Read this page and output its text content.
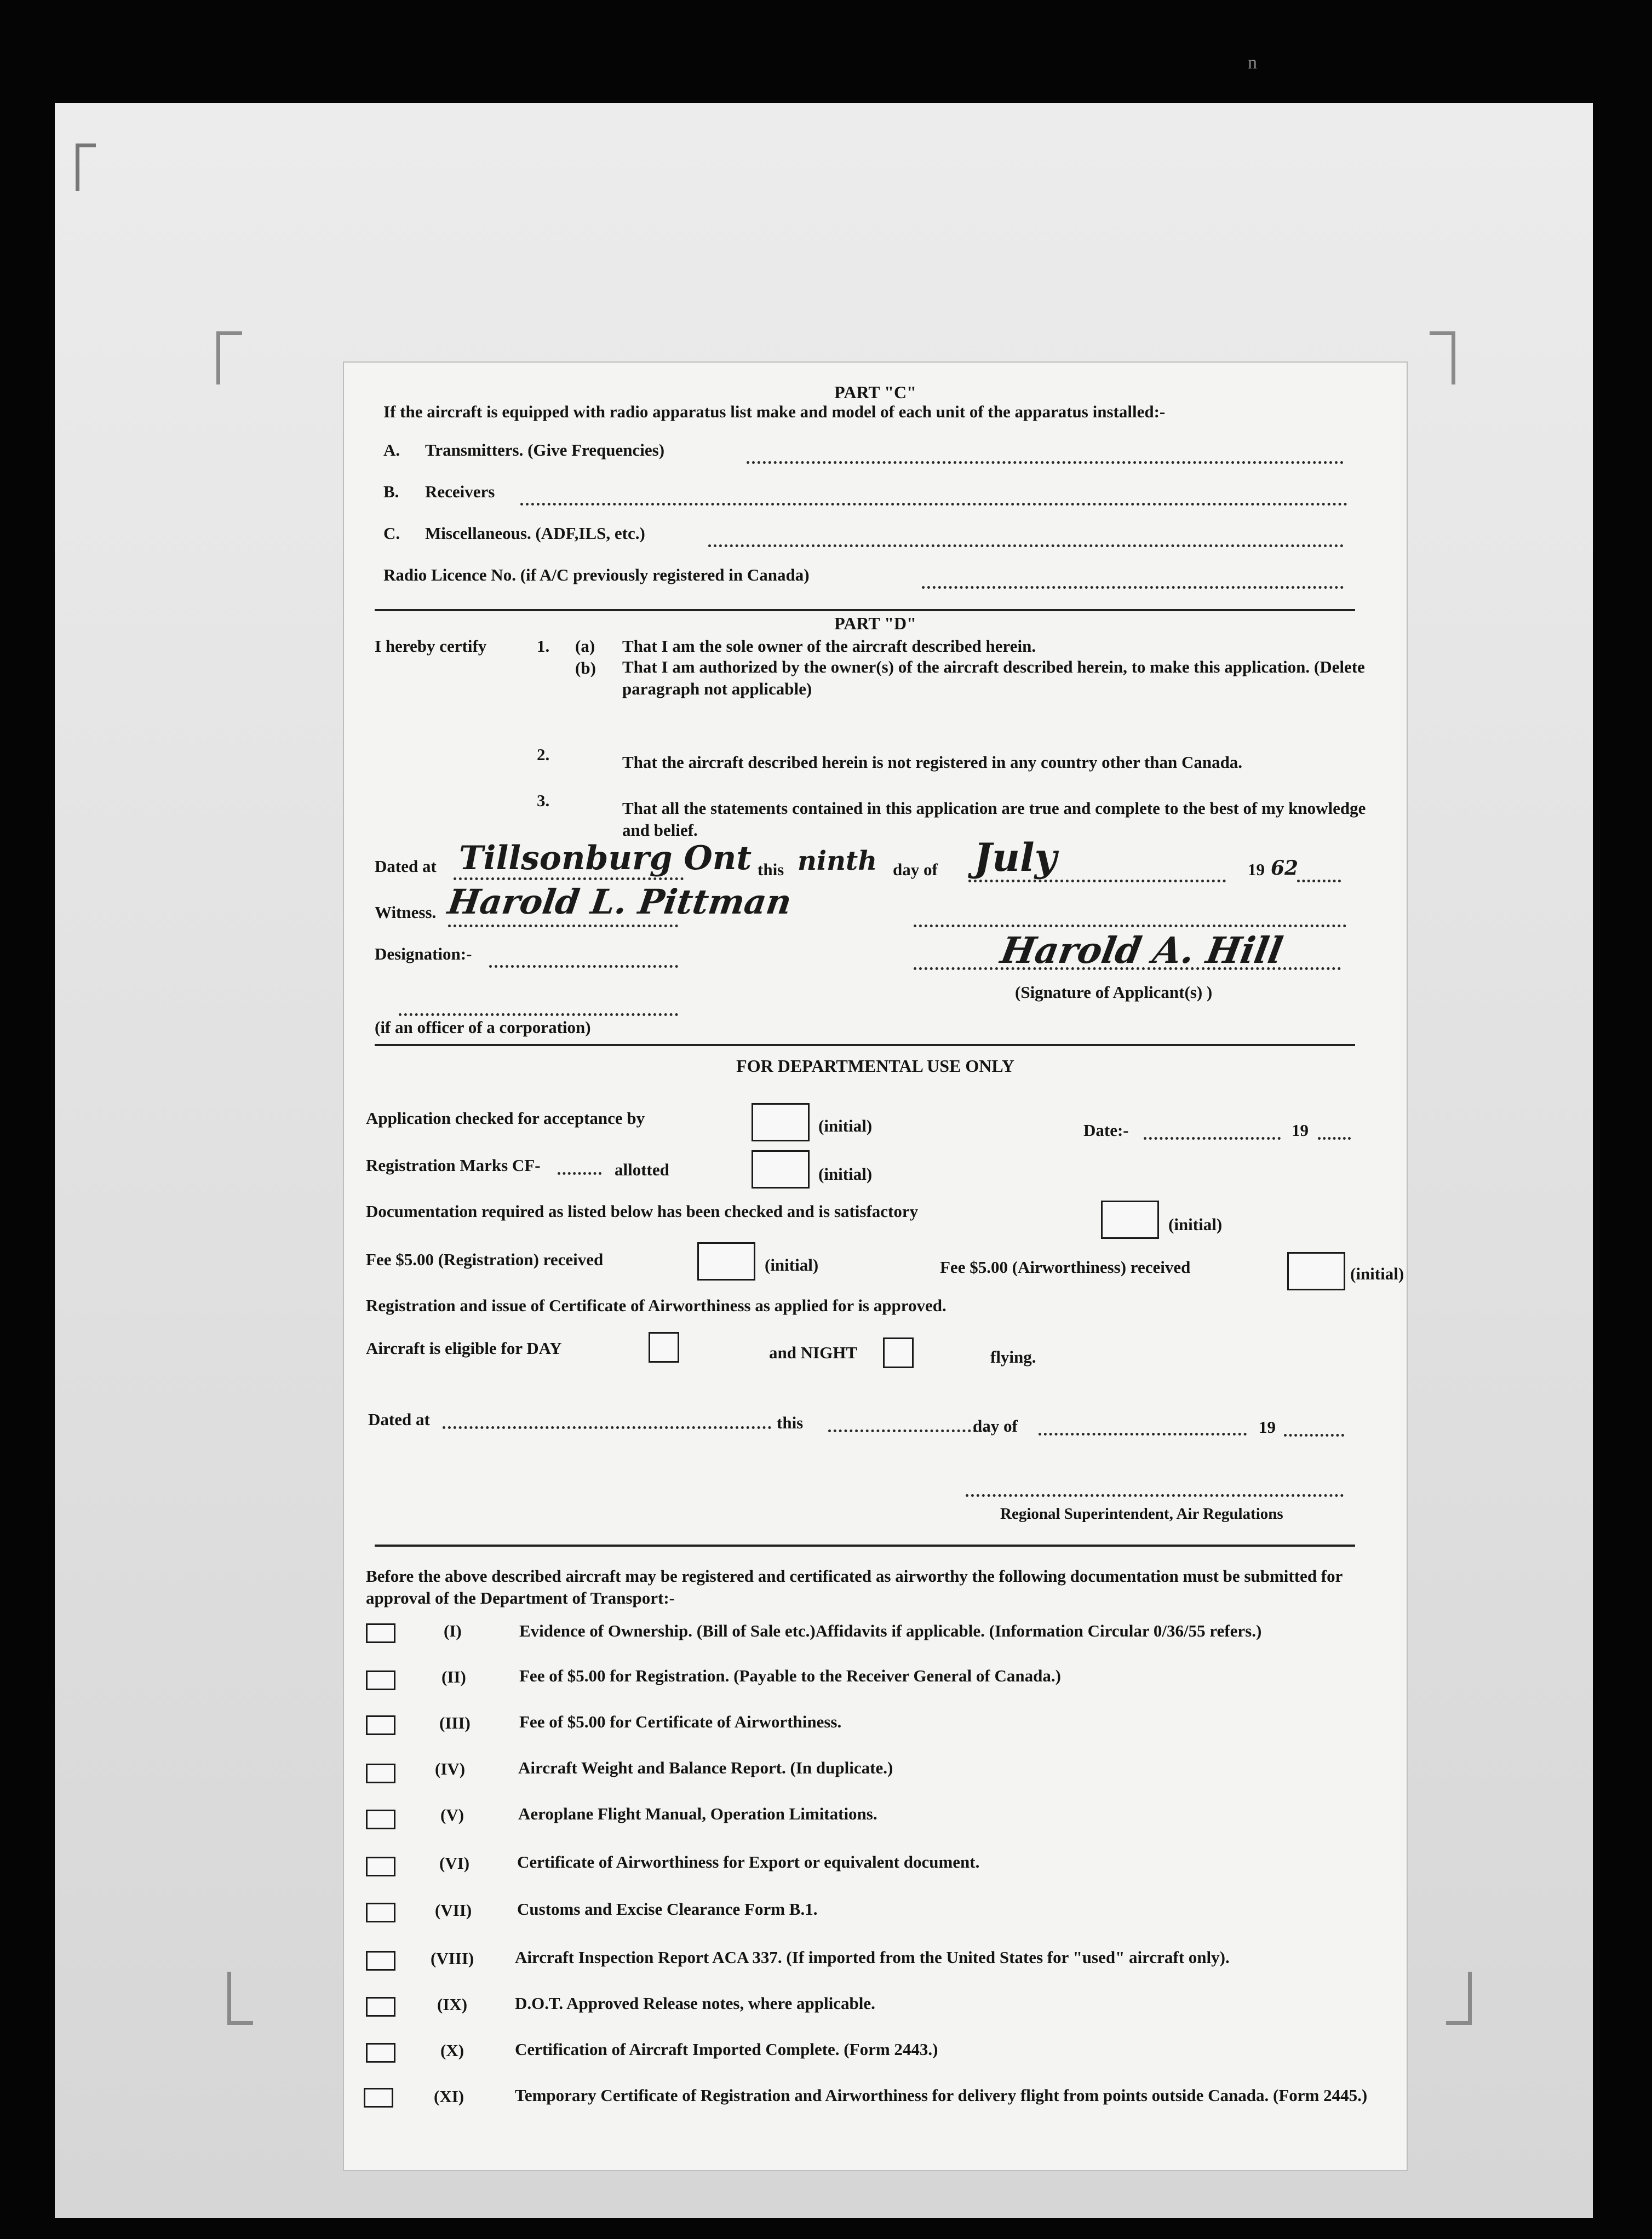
n
PART "C"
If the aircraft is equipped with radio apparatus list make and model of each unit of the apparatus installed:-
A. Transmitters. (Give Frequencies)
B. Receivers
C. Miscellaneous. (ADF,ILS, etc.)
Radio Licence No. (if A/C previously registered in Canada)
PART "D"
I hereby certify	1. (a) That I am the sole owner of the aircraft described herein.
(b) That I am authorized by the owner(s) of the aircraft described herein, to make this application. (Delete paragraph not applicable)
2.	That the aircraft described herein is not registered in any country other than Canada.
3.	That all the statements contained in this application are true and complete to the best of my knowledge and belief.
Dated at Tillsonburg Ont this ninth day of July	19 62
Witness. Harold L. Pittman
Designation:-	Harold A. Hill
(Signature of Applicant(s) )
(if an officer of a corporation)
FOR DEPARTMENTAL USE ONLY
Application checked for acceptance by	(initial)	Date:-	19
Registration Marks CF-	allotted	(initial)
Documentation required as listed below has been checked and is satisfactory
(initial)
Fee $5.00 (Registration) received	(initial)	Fee $5.00 (Airworthiness) received	(initial)
Registration and issue of Certificate of Airworthiness as applied for is approved.
Aircraft is eligible for DAY	and NIGHT	flying.
Dated at	this	day of	19
Regional Superintendent, Air Regulations
Before the above described aircraft may be registered and certificated as airworthy the following documentation must be submitted for approval of the Department of Transport:-
(I)	Evidence of Ownership. (Bill of Sale etc.)Affidavits if applicable. (Information Circular 0/36/55 refers.)
(II)	Fee of $5.00 for Registration. (Payable to the Receiver General of Canada.)
(III)	Fee of $5.00 for Certificate of Airworthiness.
(IV)	Aircraft Weight and Balance Report. (In duplicate.)
(V)	Aeroplane Flight Manual, Operation Limitations.
(VI)	Certificate of Airworthiness for Export or equivalent document.
(VII)	Customs and Excise Clearance Form B.1.
(VIII) Aircraft Inspection Report ACA 337. (If imported from the United States for "used" aircraft only).
(IX)	D.O.T. Approved Release notes, where applicable.
(X)	Certification of Aircraft Imported Complete. (Form 2443.)
(XI)	Temporary Certificate of Registration and Airworthiness for delivery flight from points outside Canada. (Form 2445.)
